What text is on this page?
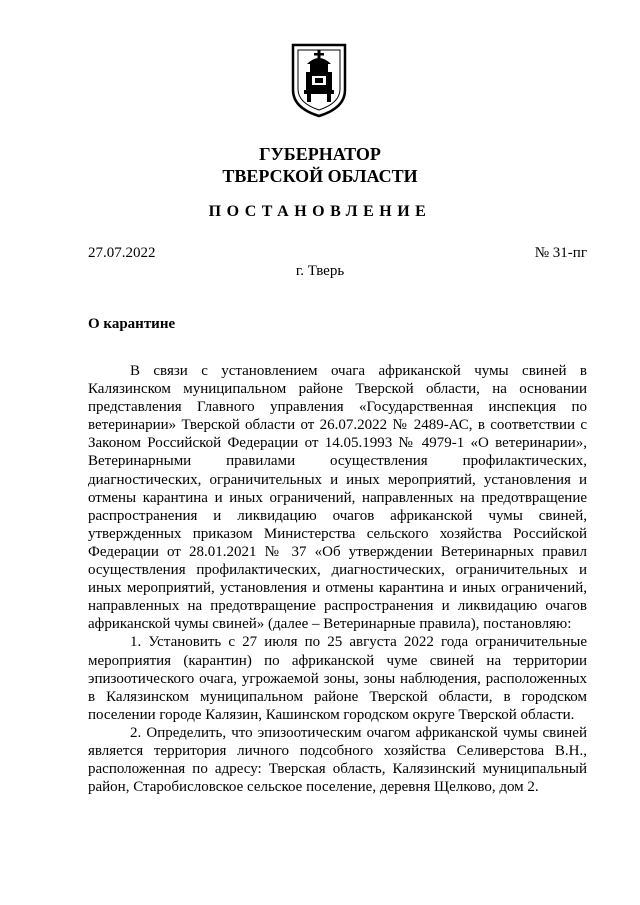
ГУБЕРНАТОР
ТВЕРСКОЙ ОБЛАСТИ
ПОСТАНОВЛЕНИЕ
27.07.2022	№ 31-пг
г. Тверь
О карантине

В связи с установлением очага африканской чумы свиней в Калязинском муниципальном районе Тверской области, на основании представления Главного управления «Государственная инспекция по ветеринарии» Тверской области от 26.07.2022 № 2489-АС, в соответствии с Законом Российской Федерации от 14.05.1993 № 4979-1 «О ветеринарии», Ветеринарными правилами осуществления профилактических, диагностических, ограничительных и иных мероприятий, установления и отмены карантина и иных ограничений, направленных на предотвращение распространения и ликвидацию очагов африканской чумы свиней, утвержденных приказом Министерства сельского хозяйства Российской Федерации от 28.01.2021 № 37 «Об утверждении Ветеринарных правил осуществления профилактических, диагностических, ограничительных и иных мероприятий, установления и отмены карантина и иных ограничений, направленных на предотвращение распространения и ликвидацию очагов африканской чумы свиней» (далее – Ветеринарные правила), постановляю:

1. Установить с 27 июля по 25 августа 2022 года ограничительные мероприятия (карантин) по африканской чуме свиней на территории эпизоотического очага, угрожаемой зоны, зоны наблюдения, расположенных в Калязинском муниципальном районе Тверской области, в городском поселении городе Калязин, Кашинском городском округе Тверской области.

2. Определить, что эпизоотическим очагом африканской чумы свиней является территория личного подсобного хозяйства Селиверстова В.Н., расположенная по адресу: Тверская область, Калязинский муниципальный район, Старобисловское сельское поселение, деревня Щелково, дом 2.
